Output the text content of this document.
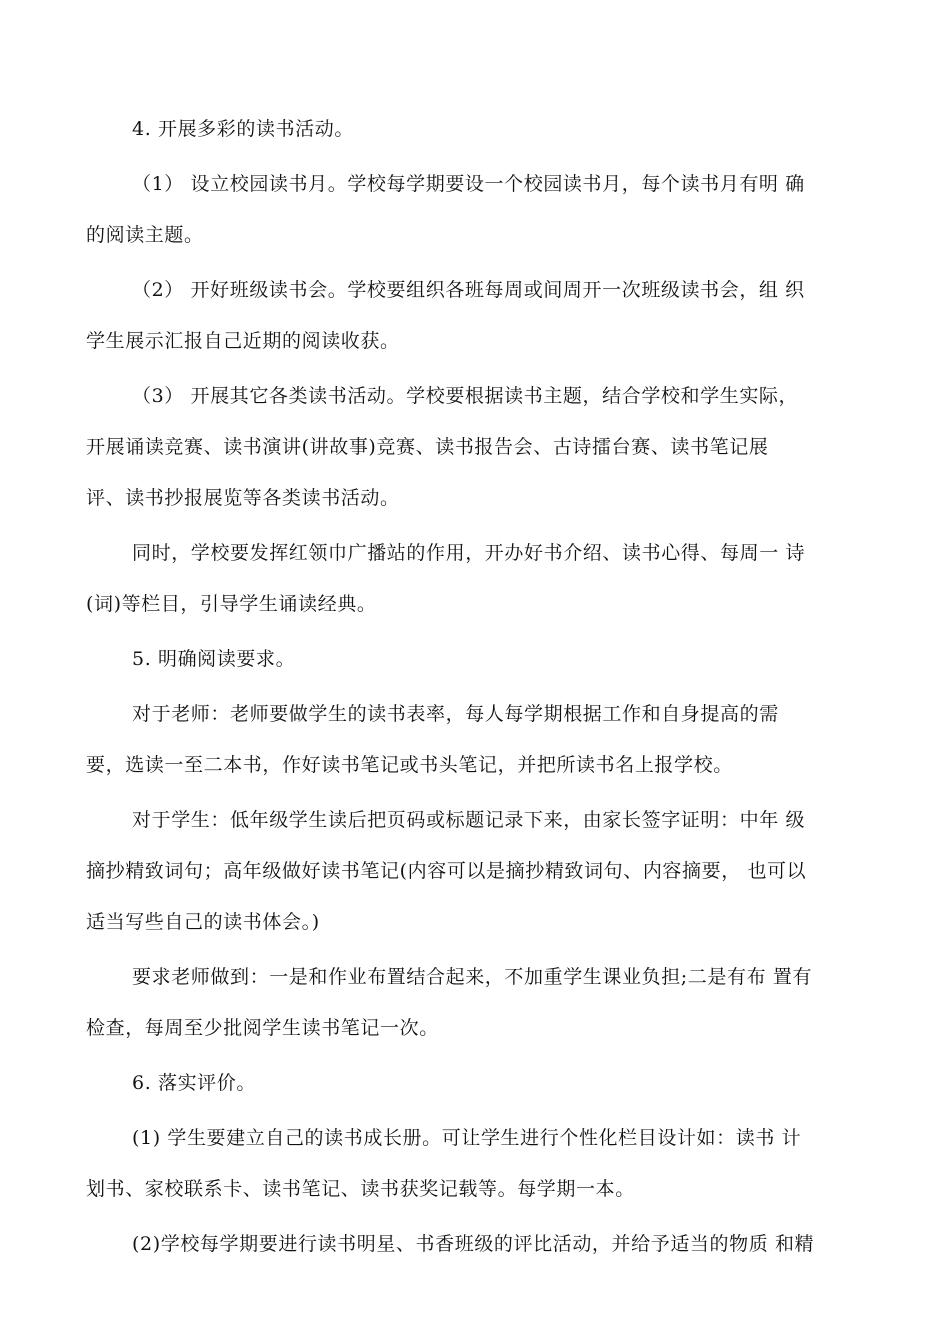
4. 开展多彩的读书活动。

（1） 设立校园读书月。学校每学期要设一个校园读书月，每个读书月有明 确
的阅读主题。

（2） 开好班级读书会。学校要组织各班每周或间周开一次班级读书会，组 织
学生展示汇报自己近期的阅读收获。

（3） 开展其它各类读书活动。学校要根据读书主题，结合学校和学生实际，
开展诵读竞赛、读书演讲(讲故事)竞赛、读书报告会、古诗擂台赛、读书笔记展
评、读书抄报展览等各类读书活动。

同时，学校要发挥红领巾广播站的作用，开办好书介绍、读书心得、每周一 诗
(词)等栏目，引导学生诵读经典。

5. 明确阅读要求。

对于老师：老师要做学生的读书表率，每人每学期根据工作和自身提高的需
要，选读一至二本书，作好读书笔记或书头笔记，并把所读书名上报学校。

对于学生：低年级学生读后把页码或标题记录下来，由家长签字证明：中年 级
摘抄精致词句；高年级做好读书笔记(内容可以是摘抄精致词句、内容摘要， 也可以
适当写些自己的读书体会。)

要求老师做到：一是和作业布置结合起来，不加重学生课业负担;二是有布 置有
检查，每周至少批阅学生读书笔记一次。

6. 落实评价。

(1) 学生要建立自己的读书成长册。可让学生进行个性化栏目设计如：读书 计
划书、家校联系卡、读书笔记、读书获奖记载等。每学期一本。

(2)学校每学期要进行读书明星、书香班级的评比活动，并给予适当的物质 和精
